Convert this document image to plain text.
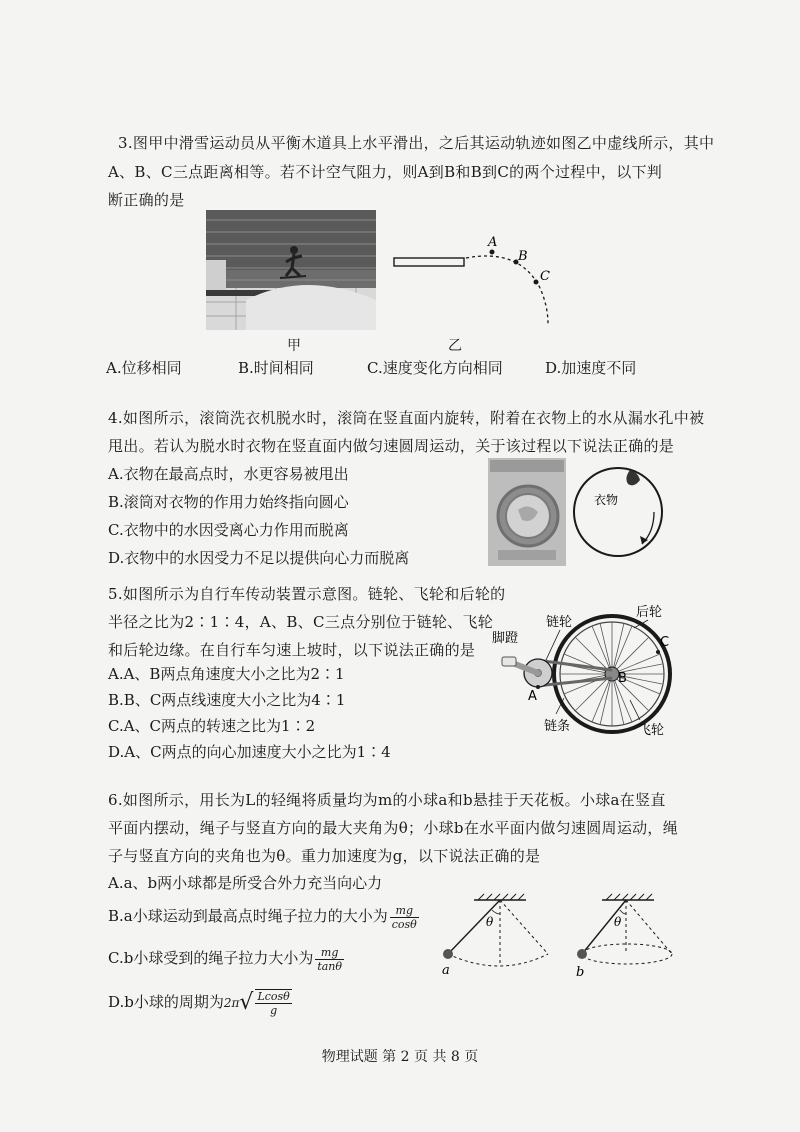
3.图甲中滑雪运动员从平衡木道具上水平滑出，之后其运动轨迹如图乙中虚线所示，其中
A、B、C三点距离相等。若不计空气阻力，则A到B和B到C的两个过程中，以下判
断正确的是
A
B
C
甲	乙
A.位移相同	B.时间相同	C.速度变化方向相同	D.加速度不同
4.如图所示，滚筒洗衣机脱水时，滚筒在竖直面内旋转，附着在衣物上的水从漏水孔中被
甩出。若认为脱水时衣物在竖直面内做匀速圆周运动，关于该过程以下说法正确的是
A.衣物在最高点时，水更容易被甩出
B.滚筒对衣物的作用力始终指向圆心
C.衣物中的水因受离心力作用而脱离
D.衣物中的水因受力不足以提供向心力而脱离
衣物
5.如图所示为自行车传动装置示意图。链轮、飞轮和后轮的
半径之比为2∶1∶4，A、B、C三点分别位于链轮、飞轮
和后轮边缘。在自行车匀速上坡时，以下说法正确的是
A.A、B两点角速度大小之比为2∶1
B.B、C两点线速度大小之比为4∶1
C.A、C两点的转速之比为1∶2
D.A、C两点的向心加速度大小之比为1∶4
脚蹬
链轮
后轮
链条	飞轮
A
B
C
6.如图所示，用长为L的轻绳将质量均为m的小球a和b悬挂于天花板。小球a在竖直
平面内摆动，绳子与竖直方向的最大夹角为θ；小球b在水平面内做匀速圆周运动，绳
子与竖直方向的夹角也为θ。重力加速度为g，以下说法正确的是
A.a、b两小球都是所受合外力充当向心力
B.a小球运动到最高点时绳子拉力的大小为 $\frac{mg}{\cos\theta}$
C.b小球受到的绳子拉力大小为 $\frac{mg}{\tan\theta}$
D.b小球的周期为$2\pi√ \frac{Lcos\theta}{g}$
θ
a
θ
b
物理试题 第 2 页 共 8 页
